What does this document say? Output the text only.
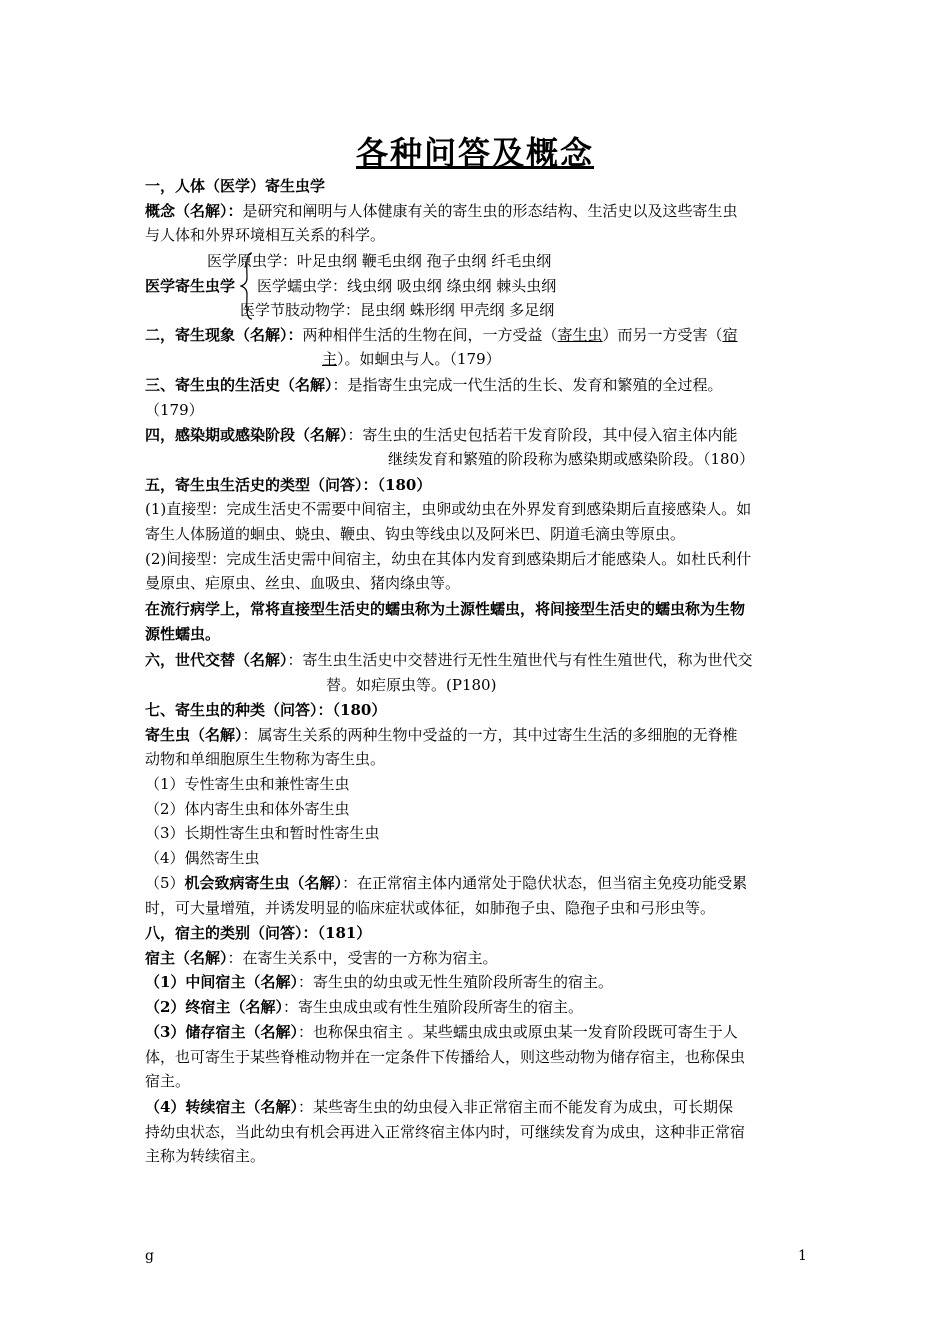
各种问答及概念
一，人体（医学）寄生虫学
概念（名解）：是研究和阐明与人体健康有关的寄生虫的形态结构、生活史以及这些寄生虫
与人体和外界环境相互关系的科学。
医学原虫学：叶足虫纲 鞭毛虫纲 孢子虫纲 纤毛虫纲
医学寄生虫学 医学蠕虫学：线虫纲 吸虫纲 绦虫纲 棘头虫纲
医学节肢动物学：昆虫纲 蛛形纲 甲壳纲 多足纲
二，寄生现象（名解）：两种相伴生活的生物在间，一方受益（寄生虫）而另一方受害（宿
主）。如蛔虫与人。（179）
三、寄生虫的生活史（名解）：是指寄生虫完成一代生活的生长、发育和繁殖的全过程。
（179）
四，感染期或感染阶段（名解）：寄生虫的生活史包括若干发育阶段，其中侵入宿主体内能
继续发育和繁殖的阶段称为感染期或感染阶段。（180）
五，寄生虫生活史的类型（问答）：（180）
(1)直接型：完成生活史不需要中间宿主，虫卵或幼虫在外界发育到感染期后直接感染人。如
寄生人体肠道的蛔虫、蛲虫、鞭虫、钩虫等线虫以及阿米巴、阴道毛滴虫等原虫。
(2)间接型：完成生活史需中间宿主，幼虫在其体内发育到感染期后才能感染人。如杜氏利什
曼原虫、疟原虫、丝虫、血吸虫、猪肉绦虫等。
在流行病学上，常将直接型生活史的蠕虫称为土源性蠕虫，将间接型生活史的蠕虫称为生物
源性蠕虫。
六，世代交替（名解）：寄生虫生活史中交替进行无性生殖世代与有性生殖世代，称为世代交
替。如疟原虫等。(P180)
七、寄生虫的种类（问答）：（180）
寄生虫（名解）：属寄生关系的两种生物中受益的一方，其中过寄生生活的多细胞的无脊椎
动物和单细胞原生生物称为寄生虫。
（1）专性寄生虫和兼性寄生虫
（2）体内寄生虫和体外寄生虫
（3）长期性寄生虫和暂时性寄生虫
（4）偶然寄生虫
（5）机会致病寄生虫（名解）：在正常宿主体内通常处于隐伏状态，但当宿主免疫功能受累
时，可大量增殖，并诱发明显的临床症状或体征，如肺孢子虫、隐孢子虫和弓形虫等。
八，宿主的类别（问答）：（181）
宿主（名解）：在寄生关系中，受害的一方称为宿主。
（1）中间宿主（名解）：寄生虫的幼虫或无性生殖阶段所寄生的宿主。
（2）终宿主（名解）：寄生虫成虫或有性生殖阶段所寄生的宿主。
（3）储存宿主（名解）：也称保虫宿主 。某些蠕虫成虫或原虫某一发育阶段既可寄生于人
体，也可寄生于某些脊椎动物并在一定条件下传播给人，则这些动物为储存宿主，也称保虫
宿主。
（4）转续宿主（名解）：某些寄生虫的幼虫侵入非正常宿主而不能发育为成虫，可长期保
持幼虫状态，当此幼虫有机会再进入正常终宿主体内时，可继续发育为成虫，这种非正常宿
主称为转续宿主。
g	1
